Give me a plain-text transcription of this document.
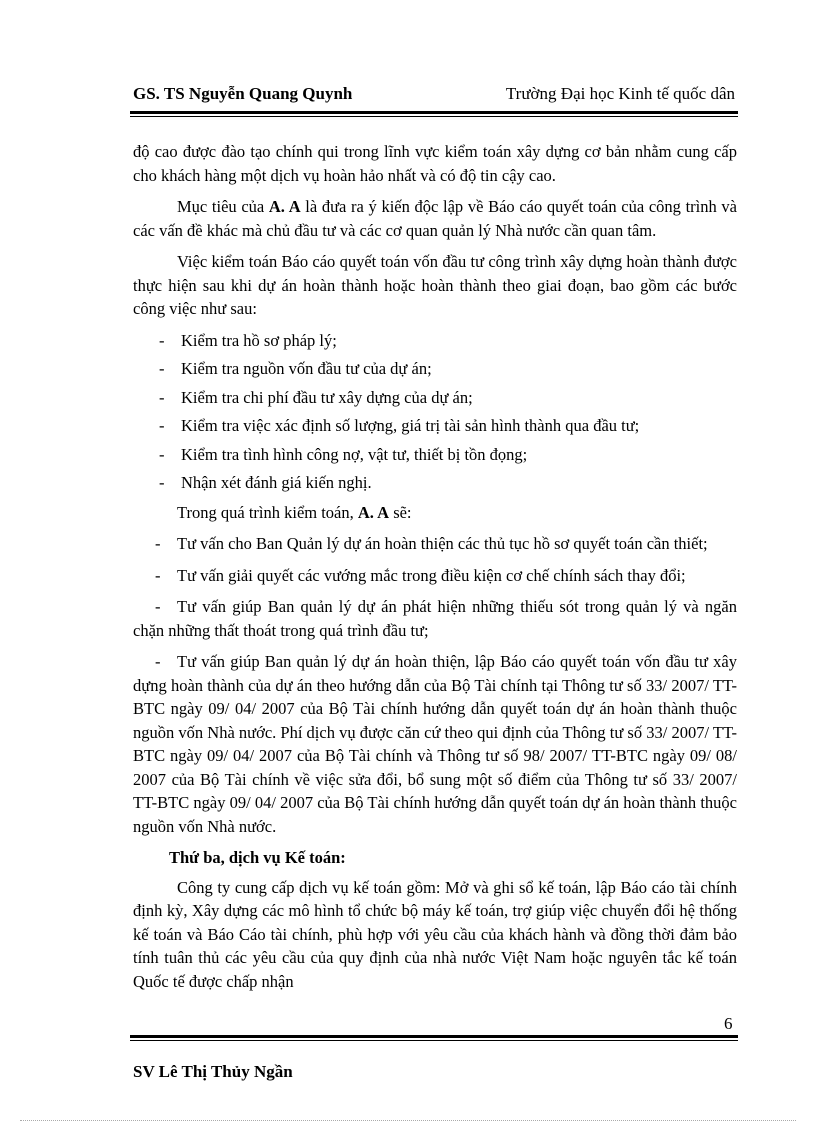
GS. TS Nguyễn Quang Quynh	Trường Đại học Kinh tế quốc dân

độ cao được đào tạo chính qui trong lĩnh vực kiểm toán xây dựng cơ bản nhằm cung cấp cho khách hàng một dịch vụ hoàn hảo nhất và có độ tin cậy cao.

Mục tiêu của A. A là đưa ra ý kiến độc lập về Báo cáo quyết toán của công trình và các vấn đề khác mà chủ đầu tư và các cơ quan quản lý Nhà nước cần quan tâm.

Việc kiểm toán Báo cáo quyết toán vốn đầu tư công trình xây dựng hoàn thành được thực hiện sau khi dự án hoàn thành hoặc hoàn thành theo giai đoạn, bao gồm các bước công việc như sau:

- Kiểm tra hồ sơ pháp lý;
- Kiểm tra nguồn vốn đầu tư của dự án;
- Kiểm tra chi phí đầu tư xây dựng của dự án;
- Kiểm tra việc xác định số lượng, giá trị tài sản hình thành qua đầu tư;
- Kiểm tra tình hình công nợ, vật tư, thiết bị tồn đọng;
- Nhận xét đánh giá kiến nghị.

Trong quá trình kiểm toán, A. A sẽ:

- Tư vấn cho Ban Quản lý dự án hoàn thiện các thủ tục hồ sơ quyết toán cần thiết;

- Tư vấn giải quyết các vướng mắc trong điều kiện cơ chế chính sách thay đổi;

- Tư vấn giúp Ban quản lý dự án phát hiện những thiếu sót trong quản lý và ngăn chặn những thất thoát trong quá trình đầu tư;

- Tư vấn giúp Ban quản lý dự án hoàn thiện, lập Báo cáo quyết toán vốn đầu tư xây dựng hoàn thành của dự án theo hướng dẫn của Bộ Tài chính tại Thông tư số 33/ 2007/ TT-BTC ngày 09/ 04/ 2007 của Bộ Tài chính hướng dẫn quyết toán dự án hoàn thành thuộc nguồn vốn Nhà nước. Phí dịch vụ được căn cứ theo qui định của Thông tư số 33/ 2007/ TT-BTC ngày 09/ 04/ 2007 của Bộ Tài chính và Thông tư số 98/ 2007/ TT-BTC ngày 09/ 08/ 2007 của Bộ Tài chính về việc sửa đổi, bổ sung một số điểm của Thông tư số 33/ 2007/ TT-BTC ngày 09/ 04/ 2007 của Bộ Tài chính hướng dẫn quyết toán dự án hoàn thành thuộc nguồn vốn Nhà nước.

Thứ ba, dịch vụ Kế toán:

Công ty cung cấp dịch vụ kế toán gồm: Mở và ghi sổ kế toán, lập Báo cáo tài chính định kỳ, Xây dựng các mô hình tổ chức bộ máy kế toán, trợ giúp việc chuyển đổi hệ thống kế toán và Báo Cáo tài chính, phù hợp với yêu cầu của khách hành và đồng thời đảm bảo tính tuân thủ các yêu cầu của quy định của nhà nước Việt Nam hoặc nguyên tắc kế toán Quốc tế được chấp nhận

6
SV Lê Thị Thủy Ngần
